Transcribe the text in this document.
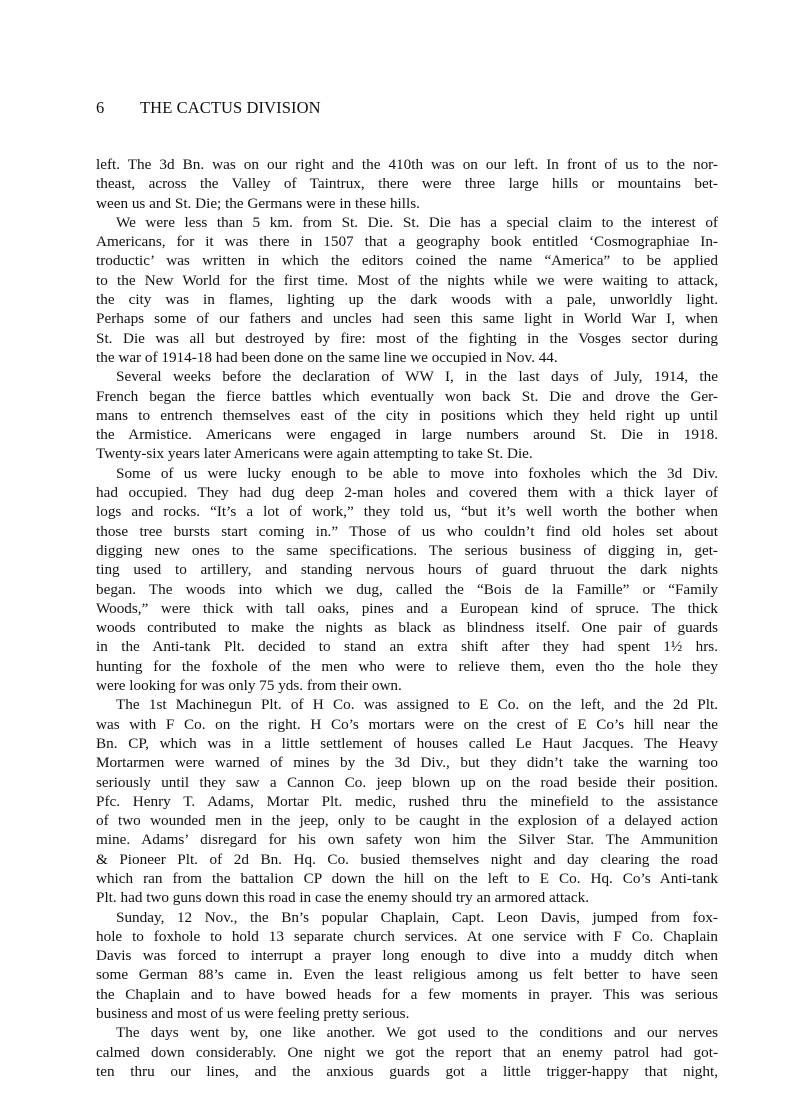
6 THE CACTUS DIVISION
left. The 3d Bn. was on our right and the 410th was on our left. In front of us to the nor-
theast, across the Valley of Taintrux, there were three large hills or mountains bet-
ween us and St. Die; the Germans were in these hills.
We were less than 5 km. from St. Die. St. Die has a special claim to the interest of
Americans, for it was there in 1507 that a geography book entitled ‘Cosmographiae In-
troductic’ was written in which the editors coined the name “America” to be applied
to the New World for the first time. Most of the nights while we were waiting to attack,
the city was in flames, lighting up the dark woods with a pale, unworldly light.
Perhaps some of our fathers and uncles had seen this same light in World War I, when
St. Die was all but destroyed by fire: most of the fighting in the Vosges sector during
the war of 1914-18 had been done on the same line we occupied in Nov. 44.
Several weeks before the declaration of WW I, in the last days of July, 1914, the
French began the fierce battles which eventually won back St. Die and drove the Ger-
mans to entrench themselves east of the city in positions which they held right up until
the Armistice. Americans were engaged in large numbers around St. Die in 1918.
Twenty-six years later Americans were again attempting to take St. Die.
Some of us were lucky enough to be able to move into foxholes which the 3d Div.
had occupied. They had dug deep 2-man holes and covered them with a thick layer of
logs and rocks. “It’s a lot of work,” they told us, “but it’s well worth the bother when
those tree bursts start coming in.” Those of us who couldn’t find old holes set about
digging new ones to the same specifications. The serious business of digging in, get-
ting used to artillery, and standing nervous hours of guard thruout the dark nights
began. The woods into which we dug, called the “Bois de la Famille” or “Family
Woods,” were thick with tall oaks, pines and a European kind of spruce. The thick
woods contributed to make the nights as black as blindness itself. One pair of guards
in the Anti-tank Plt. decided to stand an extra shift after they had spent 1½ hrs.
hunting for the foxhole of the men who were to relieve them, even tho the hole they
were looking for was only 75 yds. from their own.
The 1st Machinegun Plt. of H Co. was assigned to E Co. on the left, and the 2d Plt.
was with F Co. on the right. H Co’s mortars were on the crest of E Co’s hill near the
Bn. CP, which was in a little settlement of houses called Le Haut Jacques. The Heavy
Mortarmen were warned of mines by the 3d Div., but they didn’t take the warning too
seriously until they saw a Cannon Co. jeep blown up on the road beside their position.
Pfc. Henry T. Adams, Mortar Plt. medic, rushed thru the minefield to the assistance
of two wounded men in the jeep, only to be caught in the explosion of a delayed action
mine. Adams’ disregard for his own safety won him the Silver Star. The Ammunition
& Pioneer Plt. of 2d Bn. Hq. Co. busied themselves night and day clearing the road
which ran from the battalion CP down the hill on the left to E Co. Hq. Co’s Anti-tank
Plt. had two guns down this road in case the enemy should try an armored attack.
Sunday, 12 Nov., the Bn’s popular Chaplain, Capt. Leon Davis, jumped from fox-
hole to foxhole to hold 13 separate church services. At one service with F Co. Chaplain
Davis was forced to interrupt a prayer long enough to dive into a muddy ditch when
some German 88’s came in. Even the least religious among us felt better to have seen
the Chaplain and to have bowed heads for a few moments in prayer. This was serious
business and most of us were feeling pretty serious.
The days went by, one like another. We got used to the conditions and our nerves
calmed down considerably. One night we got the report that an enemy patrol had got-
ten thru our lines, and the anxious guards got a little trigger-happy that night,
